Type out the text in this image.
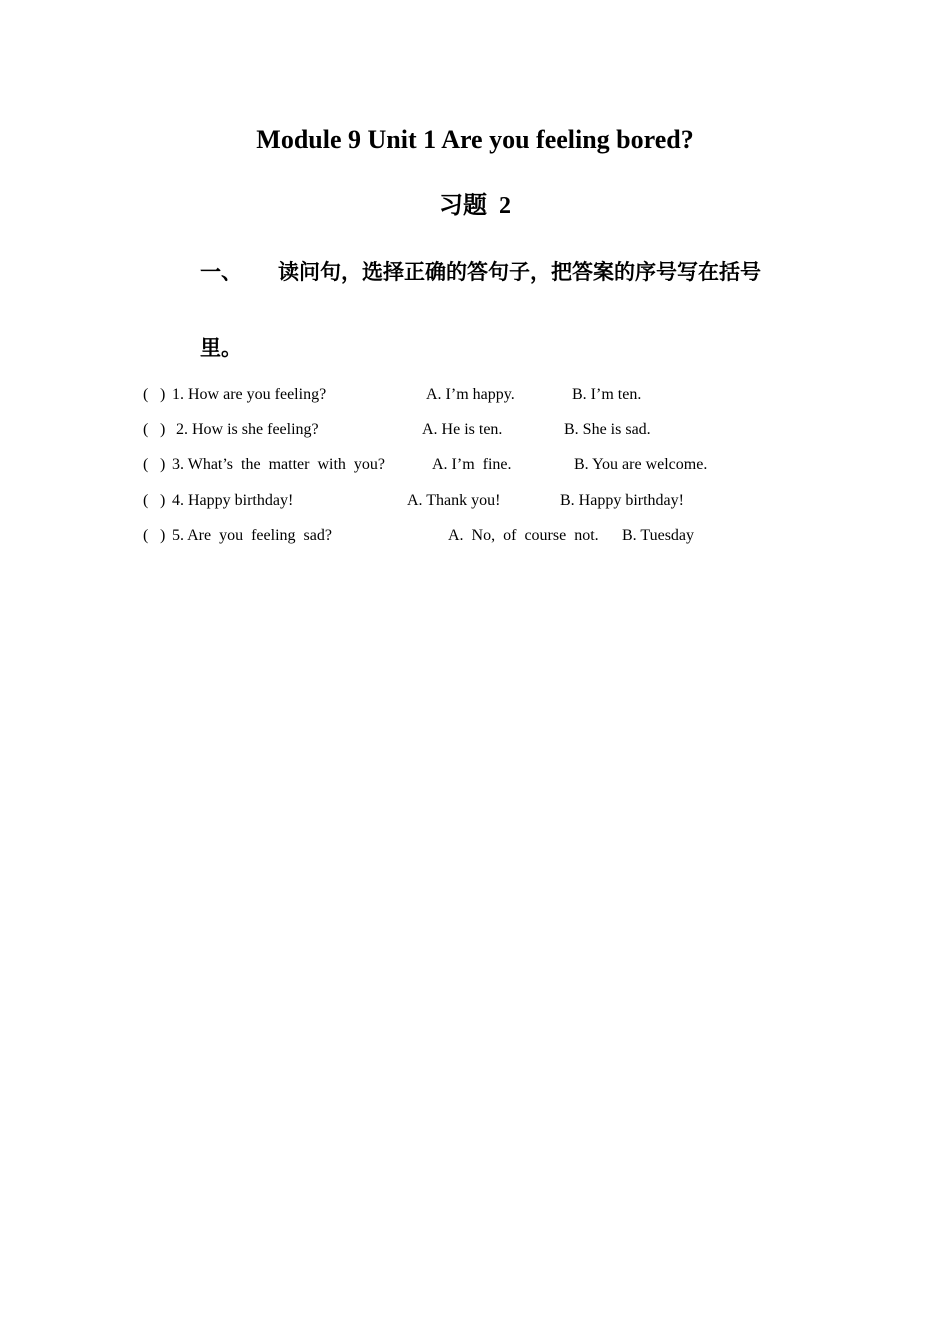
Module 9 Unit 1 Are you feeling bored?
习题 2
一、 读问句，选择正确的答句子，把答案的序号写在括号
里。
( ) 1. How are you feeling?	A. I’m happy.	B. I’m ten.
( ) 2. How is she feeling?	A. He is ten.	B. She is sad.
( ) 3. What’s  the  matter  with  you?	A. I’m  fine.	B. You are welcome.
( ) 4. Happy birthday!	A. Thank you!	B. Happy birthday!
( ) 5. Are  you  feeling  sad?	A.  No,  of  course  not. B. Tuesday
